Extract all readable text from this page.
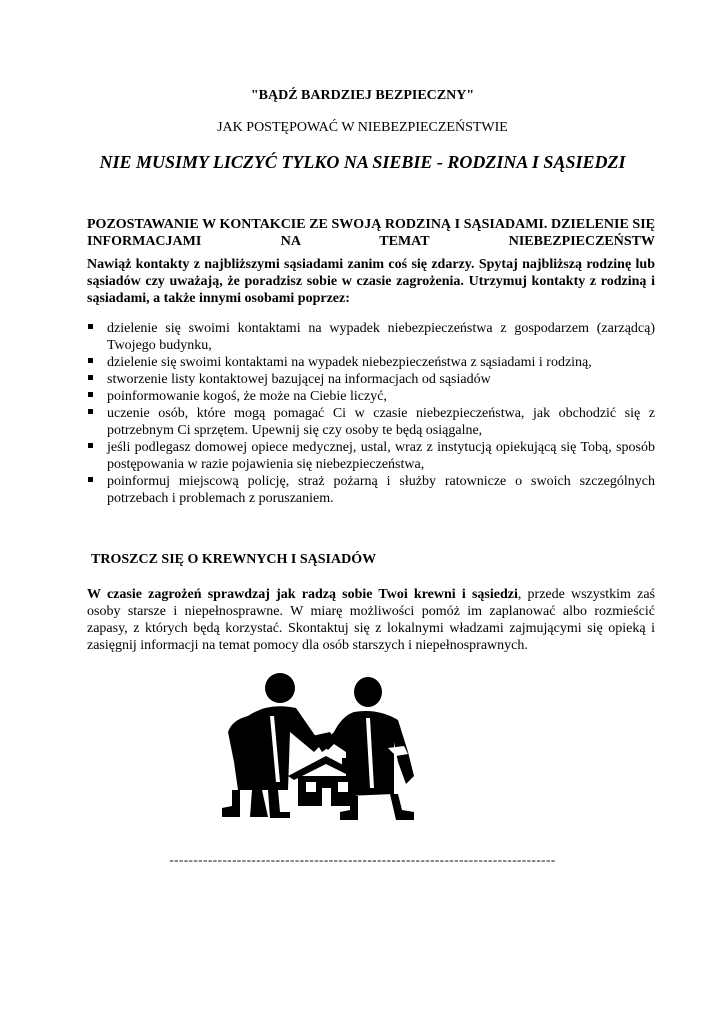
"BĄDŹ BARDZIEJ BEZPIECZNY"
JAK POSTĘPOWAĆ W NIEBEZPIECZEŃSTWIE
NIE MUSIMY LICZYĆ TYLKO NA SIEBIE - RODZINA I SĄSIEDZI
POZOSTAWANIE W KONTAKCIE ZE SWOJĄ RODZINĄ I SĄSIADAMI. DZIELENIE SIĘ INFORMACJAMI NA TEMAT NIEBEZPIECZEŃSTW
Nawiąż kontakty z najbliższymi sąsiadami zanim coś się zdarzy. Spytaj najbliższą rodzinę lub sąsiadów czy uważają, że poradzisz sobie w czasie zagrożenia. Utrzymuj kontakty z rodziną i sąsiadami, a także innymi osobami poprzez:
dzielenie się swoimi kontaktami na wypadek niebezpieczeństwa z gospodarzem (zarządcą) Twojego budynku,
dzielenie się swoimi kontaktami na wypadek niebezpieczeństwa z sąsiadami i rodziną,
stworzenie listy kontaktowej bazującej na informacjach od sąsiadów
poinformowanie kogoś, że może na Ciebie liczyć,
uczenie osób, które mogą pomagać Ci w czasie niebezpieczeństwa, jak obchodzić się z potrzebnym Ci sprzętem. Upewnij się czy osoby te będą osiągalne,
jeśli podlegasz domowej opiece medycznej, ustal, wraz z instytucją opiekującą się Tobą, sposób postępowania w razie pojawienia się niebezpieczeństwa,
poinformuj miejscową policję, straż pożarną i służby ratownicze o swoich szczególnych potrzebach i problemach z poruszaniem.
TROSZCZ SIĘ O KREWNYCH I SĄSIADÓW
W czasie zagrożeń sprawdzaj jak radzą sobie Twoi krewni i sąsiedzi, przede wszystkim zaś osoby starsze i niepełnosprawne. W miarę możliwości pomóż im zaplanować albo rozmieścić zapasy, z których będą korzystać. Skontaktuj się z lokalnymi władzami zajmującymi się opieką i zasięgnij informacji na temat pomocy dla osób starszych i niepełnosprawnych.
--------------------------------------------------------------------------------
